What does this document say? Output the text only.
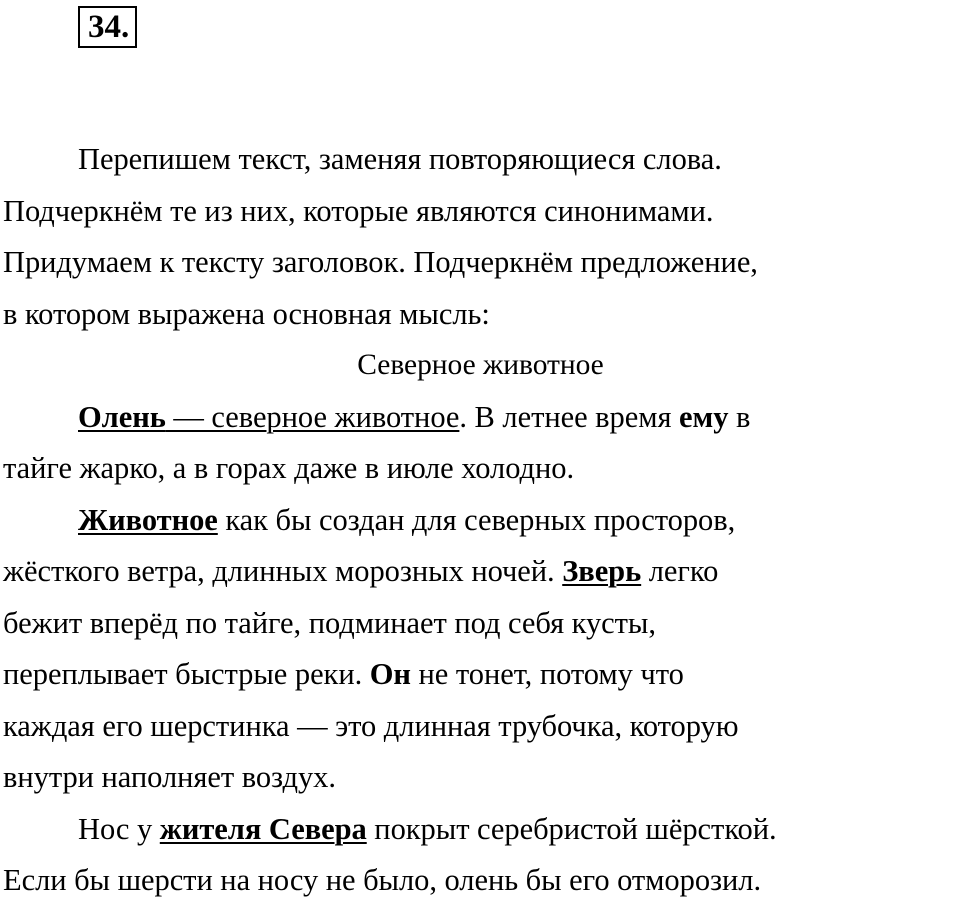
34.

Перепишем текст, заменяя повторяющиеся слова.
Подчеркнём те из них, которые являются синонимами.
Придумаем к тексту заголовок. Подчеркнём предложение,
в котором выражена основная мысль:

Северное животное

Олень — северное животное. В летнее время ему в
тайге жарко, а в горах даже в июле холодно.

Животное как бы создан для северных просторов,
жёсткого ветра, длинных морозных ночей. Зверь легко
бежит вперёд по тайге, подминает под себя кусты,
переплывает быстрые реки. Он не тонет, потому что
каждая его шерстинка — это длинная трубочка, которую
внутри наполняет воздух.

Нос у жителя Севера покрыт серебристой шёрсткой.
Если бы шерсти на носу не было, олень бы его отморозил.
